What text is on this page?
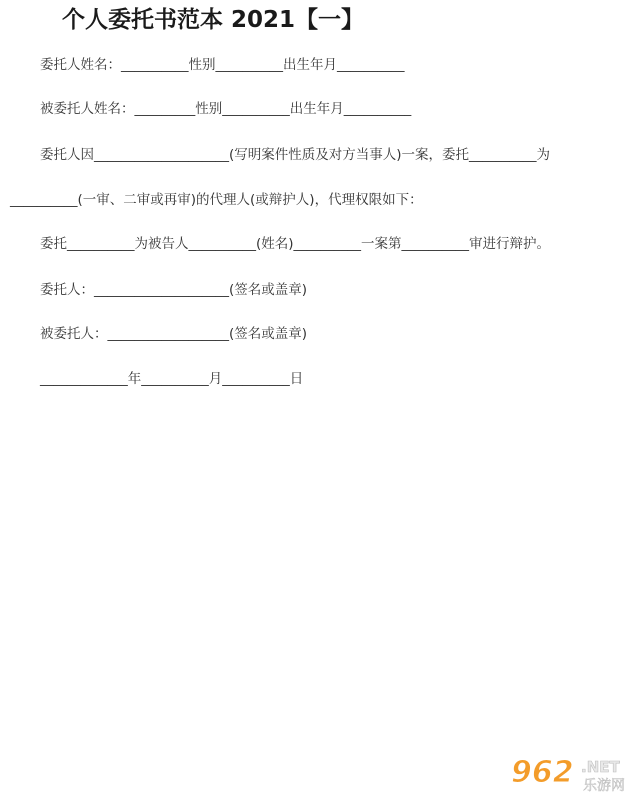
个人委托书范本 2021【一】
委托人姓名：__________性别__________出生年月__________
被委托人姓名：_________性别__________出生年月__________
委托人因____________________(写明案件性质及对方当事人)一案，委托__________为
__________(一审、二审或再审)的代理人(或辩护人)，代理权限如下：
委托__________为被告人__________(姓名)__________一案第__________审进行辩护。
委托人：____________________(签名或盖章)
被委托人：__________________(签名或盖章)
_____________年__________月__________日
962 .NET
乐游网
